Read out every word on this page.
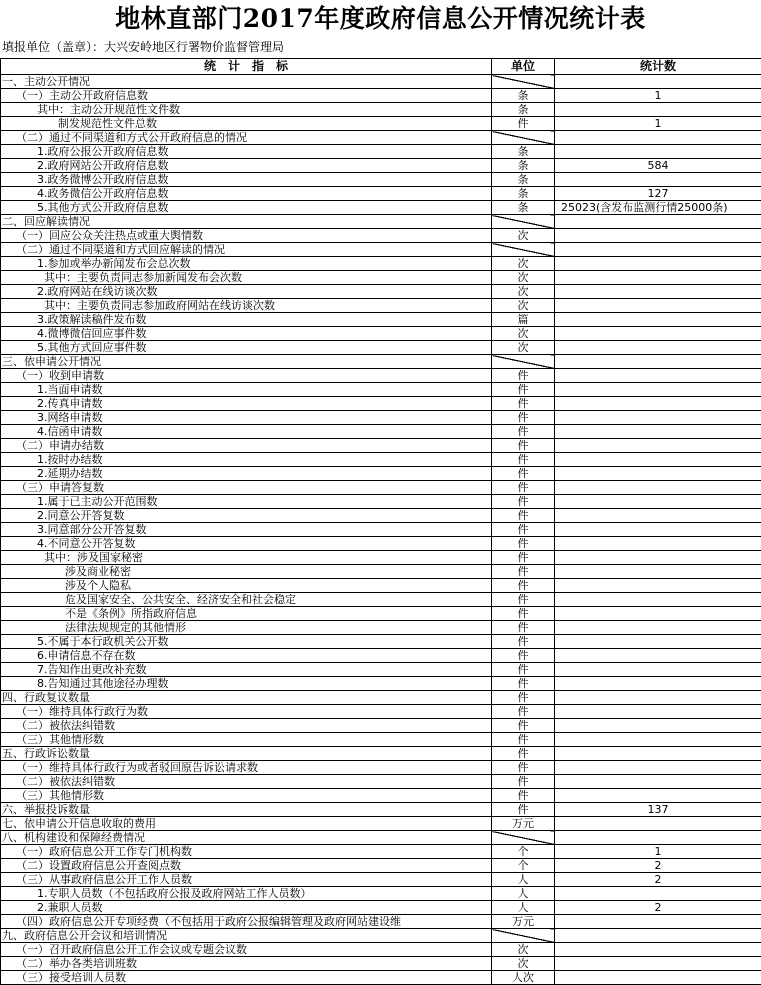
地林直部门2017年度政府信息公开情况统计表
填报单位（盖章）：大兴安岭地区行署物价监督管理局
统　计　指　标	单位	统计数
一、主动公开情况		
（一）主动公开政府信息数	条	1
其中：主动公开规范性文件数	条	
制发规范性文件总数	件	1
（二）通过不同渠道和方式公开政府信息的情况		
1.政府公报公开政府信息数	条	
2.政府网站公开政府信息数	条	584
3.政务微博公开政府信息数	条	
4.政务微信公开政府信息数	条	127
5.其他方式公开政府信息数	条	25023(含发布监测行情25000条)
二、回应解读情况		
（一）回应公众关注热点或重大舆情数	次	
（二）通过不同渠道和方式回应解读的情况		
1.参加或举办新闻发布会总次数	次	
其中：主要负责同志参加新闻发布会次数	次	
2.政府网站在线访谈次数	次	
其中：主要负责同志参加政府网站在线访谈次数	次	
3.政策解读稿件发布数	篇	
4.微博微信回应事件数	次	
5.其他方式回应事件数	次	
三、依申请公开情况		
（一）收到申请数	件	
1.当面申请数	件	
2.传真申请数	件	
3.网络申请数	件	
4.信函申请数	件	
（二）申请办结数	件	
1.按时办结数	件	
2.延期办结数	件	
（三）申请答复数	件	
1.属于已主动公开范围数	件	
2.同意公开答复数	件	
3.同意部分公开答复数	件	
4.不同意公开答复数	件	
其中：涉及国家秘密	件	
涉及商业秘密	件	
涉及个人隐私	件	
危及国家安全、公共安全、经济安全和社会稳定	件	
不是《条例》所指政府信息	件	
法律法规规定的其他情形	件	
5.不属于本行政机关公开数	件	
6.申请信息不存在数	件	
7.告知作出更改补充数	件	
8.告知通过其他途径办理数	件	
四、行政复议数量	件	
（一）维持具体行政行为数	件	
（二）被依法纠错数	件	
（三）其他情形数	件	
五、行政诉讼数量	件	
（一）维持具体行政行为或者驳回原告诉讼请求数	件	
（二）被依法纠错数	件	
（三）其他情形数	件	
六、举报投诉数量	件	137
七、依申请公开信息收取的费用	万元	
八、机构建设和保障经费情况		
（一）政府信息公开工作专门机构数	个	1
（二）设置政府信息公开查阅点数	个	2
（三）从事政府信息公开工作人员数	人	2
1.专职人员数（不包括政府公报及政府网站工作人员数）	人	
2.兼职人员数	人	2
（四）政府信息公开专项经费（不包括用于政府公报编辑管理及政府网站建设维	万元	
九、政府信息公开会议和培训情况		
（一）召开政府信息公开工作会议或专题会议数	次	
（二）举办各类培训班数	次	
（三）接受培训人员数	人次	
